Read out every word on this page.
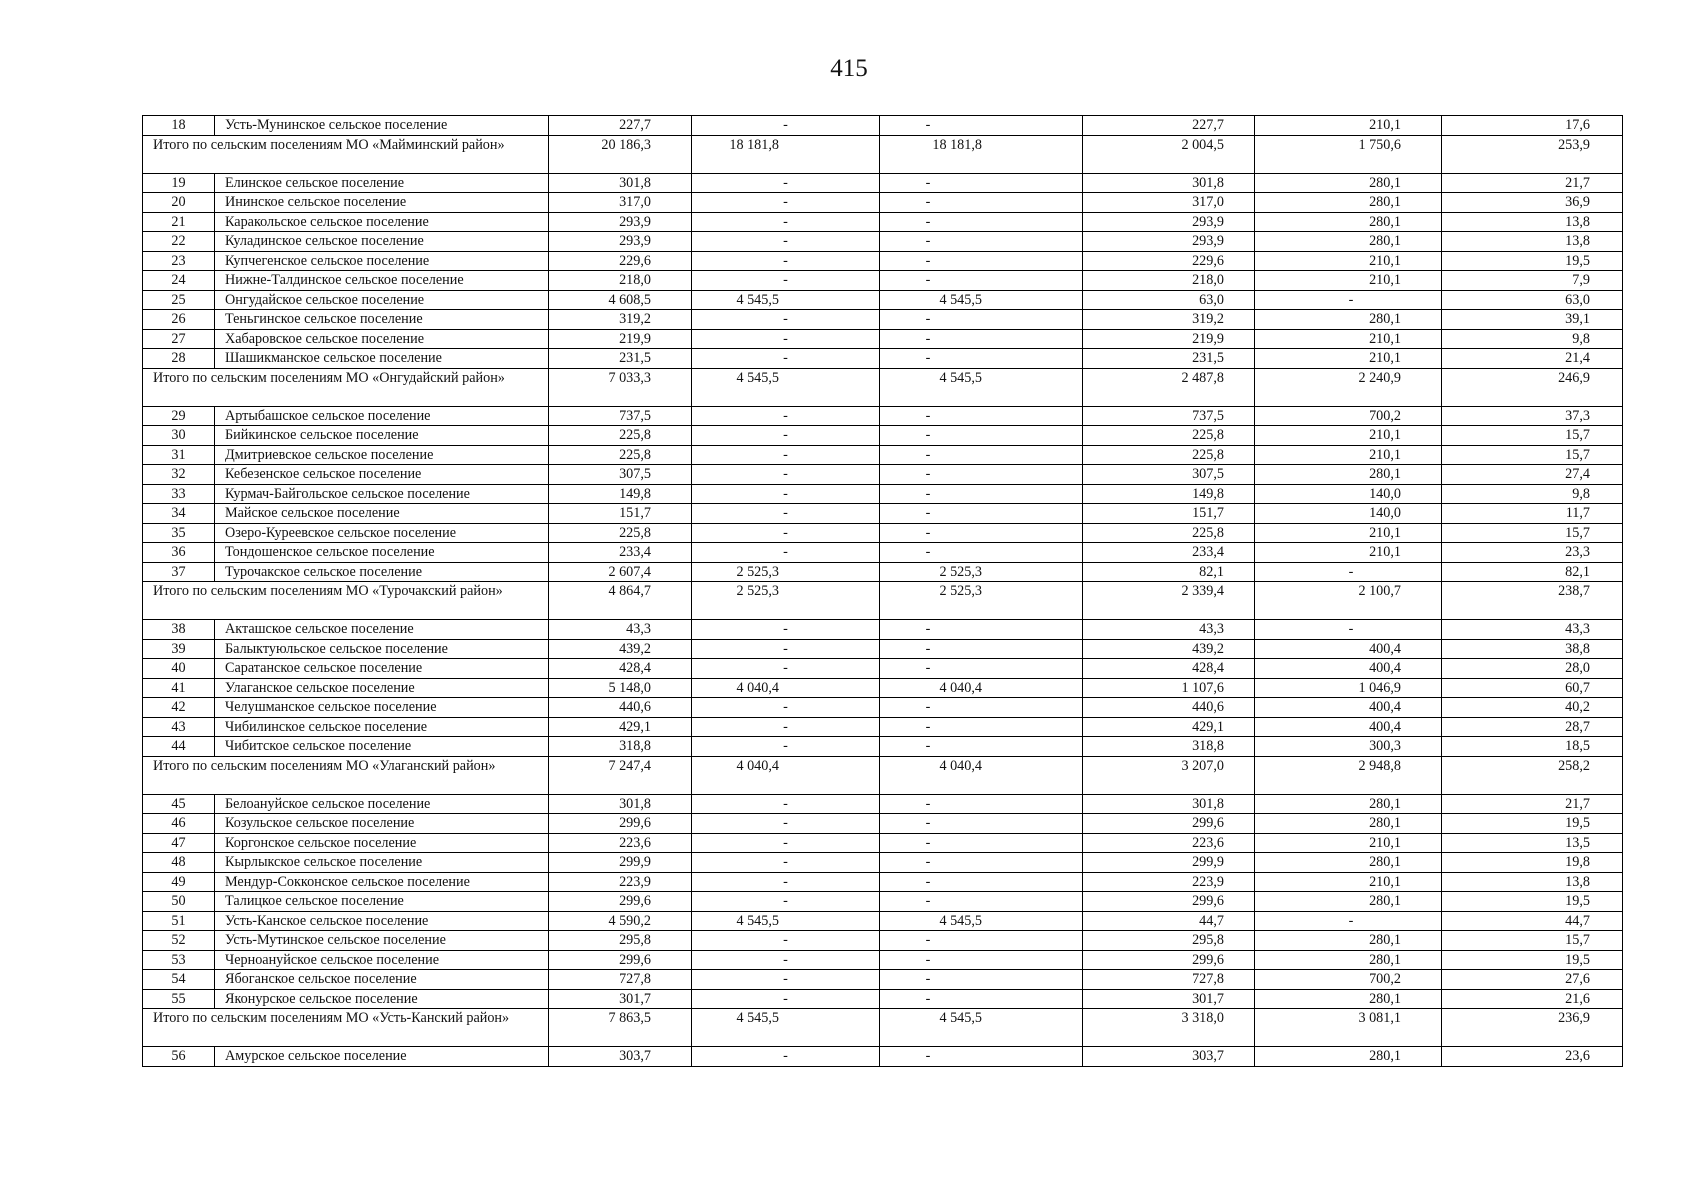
415
18	Усть-Мунинское сельское поселение	227,7	-	-	227,7	210,1	17,6
Итого по сельским поселениям МО «Майминский район»		20 186,3	18 181,8	18 181,8	2 004,5	1 750,6	253,9
19	Елинское сельское поселение	301,8	-	-	301,8	280,1	21,7
20	Ининское сельское поселение	317,0	-	-	317,0	280,1	36,9
21	Каракольское сельское поселение	293,9	-	-	293,9	280,1	13,8
22	Куладинское сельское поселение	293,9	-	-	293,9	280,1	13,8
23	Купчегенское сельское поселение	229,6	-	-	229,6	210,1	19,5
24	Нижне-Талдинское сельское поселение	218,0	-	-	218,0	210,1	7,9
25	Онгудайское сельское поселение	4 608,5	4 545,5	4 545,5	63,0	-	63,0
26	Теньгинское сельское поселение	319,2	-	-	319,2	280,1	39,1
27	Хабаровское сельское поселение	219,9	-	-	219,9	210,1	9,8
28	Шашикманское сельское поселение	231,5	-	-	231,5	210,1	21,4
Итого по сельским поселениям МО «Онгудайский район»		7 033,3	4 545,5	4 545,5	2 487,8	2 240,9	246,9
29	Артыбашское сельское поселение	737,5	-	-	737,5	700,2	37,3
30	Бийкинское сельское поселение	225,8	-	-	225,8	210,1	15,7
31	Дмитриевское сельское поселение	225,8	-	-	225,8	210,1	15,7
32	Кебезенское сельское поселение	307,5	-	-	307,5	280,1	27,4
33	Курмач-Байгольское сельское поселение	149,8	-	-	149,8	140,0	9,8
34	Майское сельское поселение	151,7	-	-	151,7	140,0	11,7
35	Озеро-Куреевское сельское поселение	225,8	-	-	225,8	210,1	15,7
36	Тондошенское сельское поселение	233,4	-	-	233,4	210,1	23,3
37	Турочакское сельское поселение	2 607,4	2 525,3	2 525,3	82,1	-	82,1
Итого по сельским поселениям МО «Турочакский район»		4 864,7	2 525,3	2 525,3	2 339,4	2 100,7	238,7
38	Акташское сельское поселение	43,3	-	-	43,3	-	43,3
39	Балыктуюльское сельское поселение	439,2	-	-	439,2	400,4	38,8
40	Саратанское сельское поселение	428,4	-	-	428,4	400,4	28,0
41	Улаганское сельское поселение	5 148,0	4 040,4	4 040,4	1 107,6	1 046,9	60,7
42	Челушманское сельское поселение	440,6	-	-	440,6	400,4	40,2
43	Чибилинское сельское поселение	429,1	-	-	429,1	400,4	28,7
44	Чибитское сельское поселение	318,8	-	-	318,8	300,3	18,5
Итого по сельским поселениям МО «Улаганский район»		7 247,4	4 040,4	4 040,4	3 207,0	2 948,8	258,2
45	Белоануйское сельское поселение	301,8	-	-	301,8	280,1	21,7
46	Козульское сельское поселение	299,6	-	-	299,6	280,1	19,5
47	Коргонское сельское поселение	223,6	-	-	223,6	210,1	13,5
48	Кырлыкское сельское поселение	299,9	-	-	299,9	280,1	19,8
49	Мендур-Сокконское сельское поселение	223,9	-	-	223,9	210,1	13,8
50	Талицкое сельское поселение	299,6	-	-	299,6	280,1	19,5
51	Усть-Канское сельское поселение	4 590,2	4 545,5	4 545,5	44,7	-	44,7
52	Усть-Мутинское сельское поселение	295,8	-	-	295,8	280,1	15,7
53	Черноануйское сельское поселение	299,6	-	-	299,6	280,1	19,5
54	Ябоганское сельское поселение	727,8	-	-	727,8	700,2	27,6
55	Яконурское сельское поселение	301,7	-	-	301,7	280,1	21,6
Итого по сельским поселениям МО «Усть-Канский район»		7 863,5	4 545,5	4 545,5	3 318,0	3 081,1	236,9
56	Амурское сельское поселение	303,7	-	-	303,7	280,1	23,6
